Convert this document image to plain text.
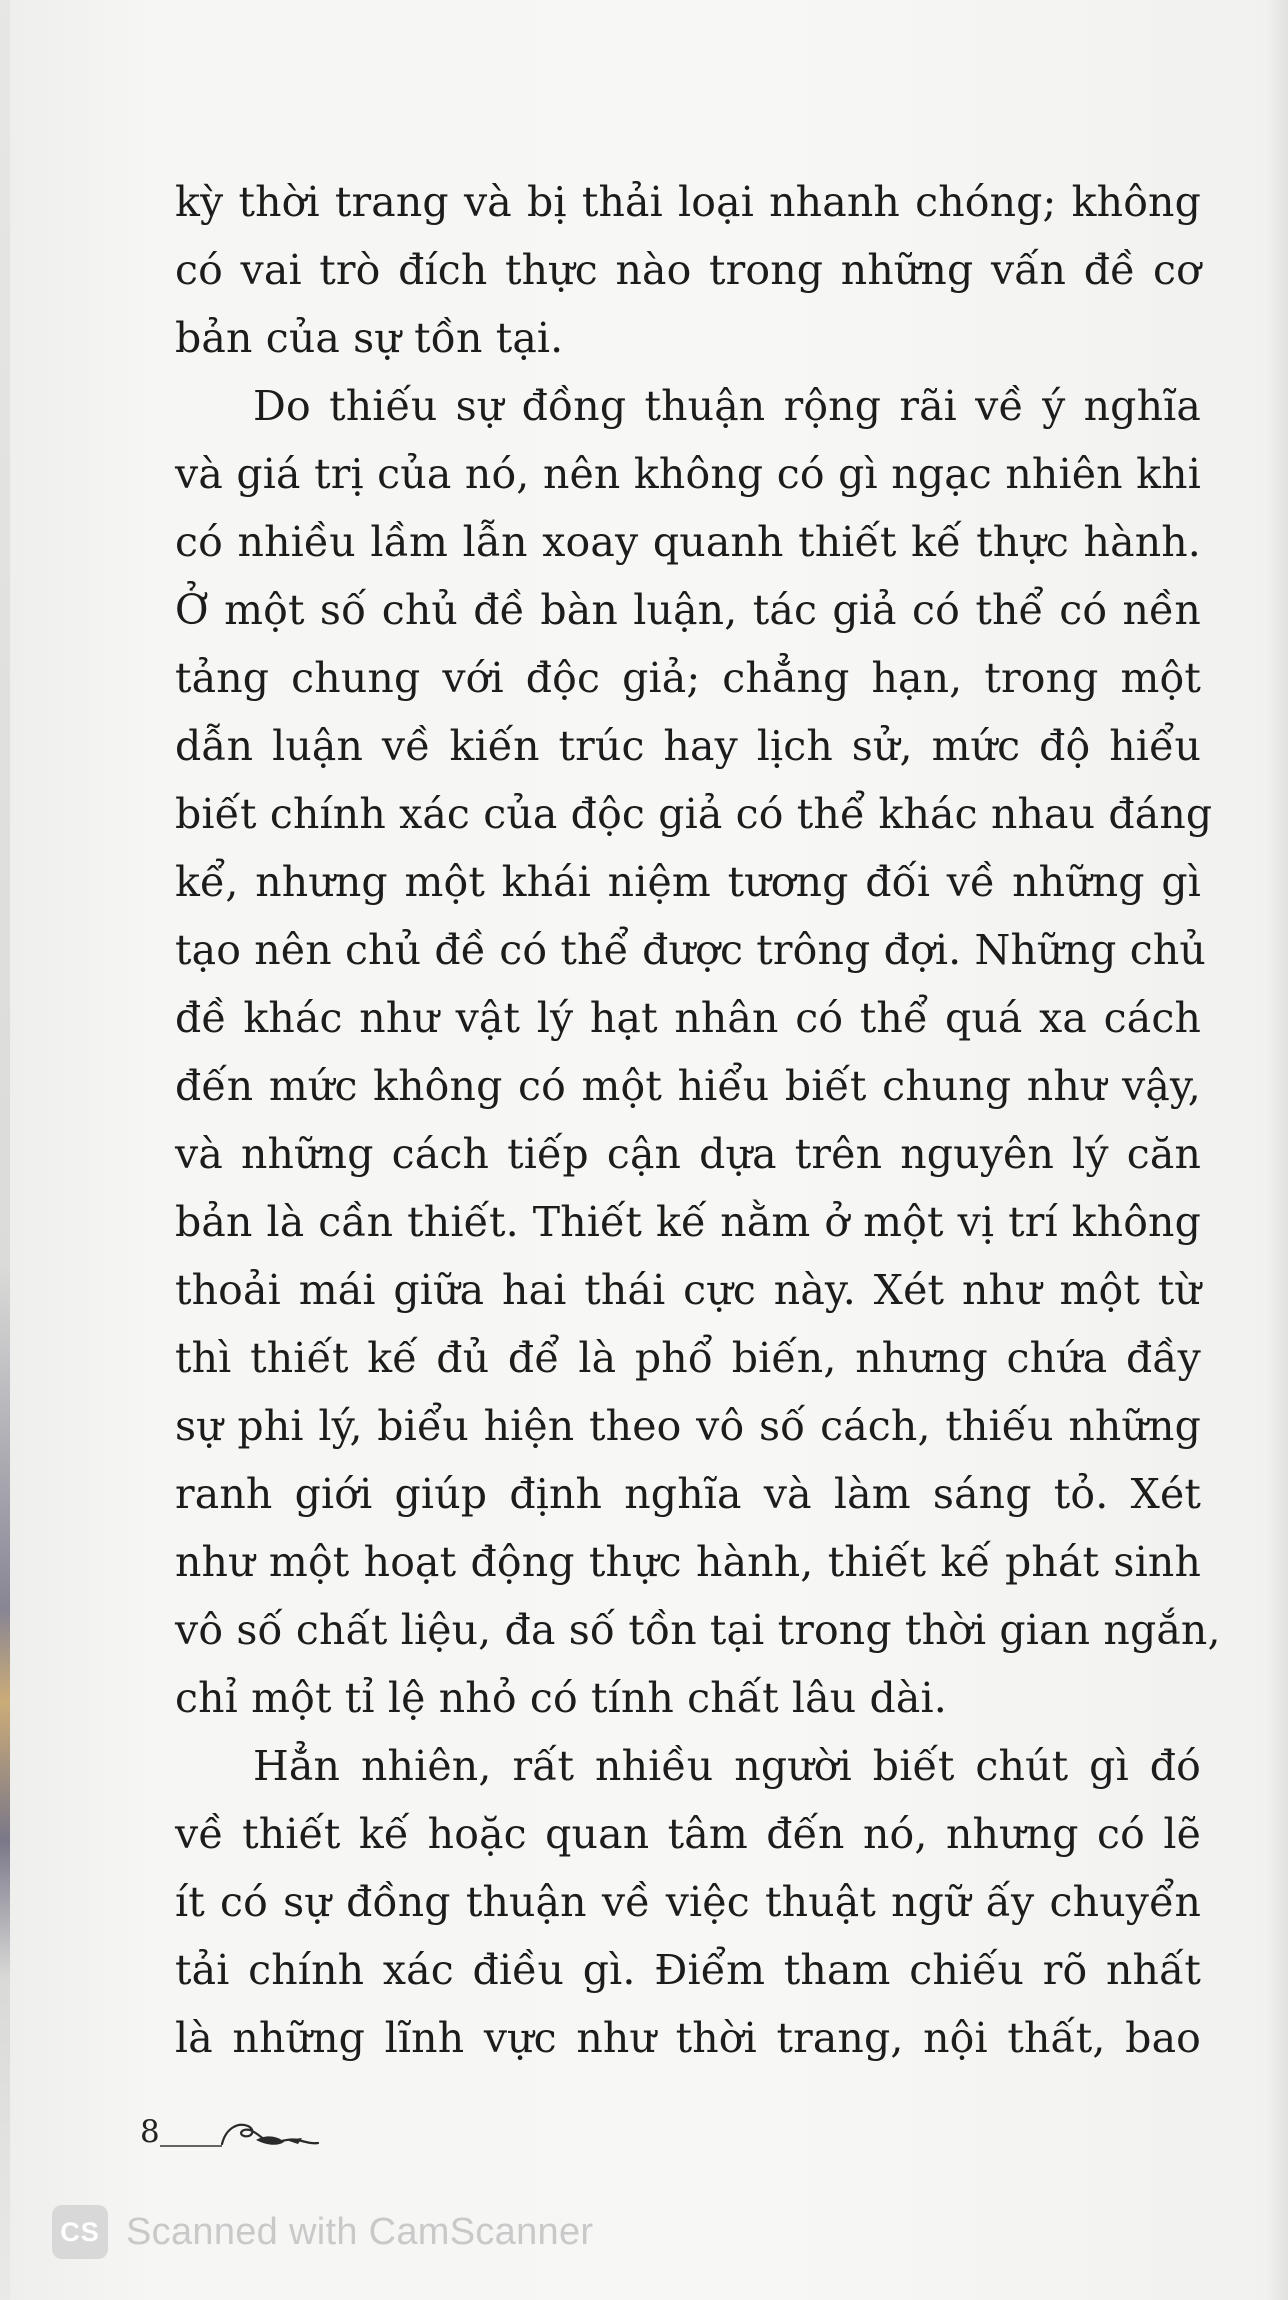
kỳ thời trang và bị thải loại nhanh chóng; không
có vai trò đích thực nào trong những vấn đề cơ
bản của sự tồn tại.
Do thiếu sự đồng thuận rộng rãi về ý nghĩa
và giá trị của nó, nên không có gì ngạc nhiên khi
có nhiều lầm lẫn xoay quanh thiết kế thực hành.
Ở một số chủ đề bàn luận, tác giả có thể có nền
tảng chung với độc giả; chẳng hạn, trong một
dẫn luận về kiến trúc hay lịch sử, mức độ hiểu
biết chính xác của độc giả có thể khác nhau đáng
kể, nhưng một khái niệm tương đối về những gì
tạo nên chủ đề có thể được trông đợi. Những chủ
đề khác như vật lý hạt nhân có thể quá xa cách
đến mức không có một hiểu biết chung như vậy,
và những cách tiếp cận dựa trên nguyên lý căn
bản là cần thiết. Thiết kế nằm ở một vị trí không
thoải mái giữa hai thái cực này. Xét như một từ
thì thiết kế đủ để là phổ biến, nhưng chứa đầy
sự phi lý, biểu hiện theo vô số cách, thiếu những
ranh giới giúp định nghĩa và làm sáng tỏ. Xét
như một hoạt động thực hành, thiết kế phát sinh
vô số chất liệu, đa số tồn tại trong thời gian ngắn,
chỉ một tỉ lệ nhỏ có tính chất lâu dài.
Hẳn nhiên, rất nhiều người biết chút gì đó
về thiết kế hoặc quan tâm đến nó, nhưng có lẽ
ít có sự đồng thuận về việc thuật ngữ ấy chuyển
tải chính xác điều gì. Điểm tham chiếu rõ nhất
là những lĩnh vực như thời trang, nội thất, bao
8
CS Scanned with CamScanner
